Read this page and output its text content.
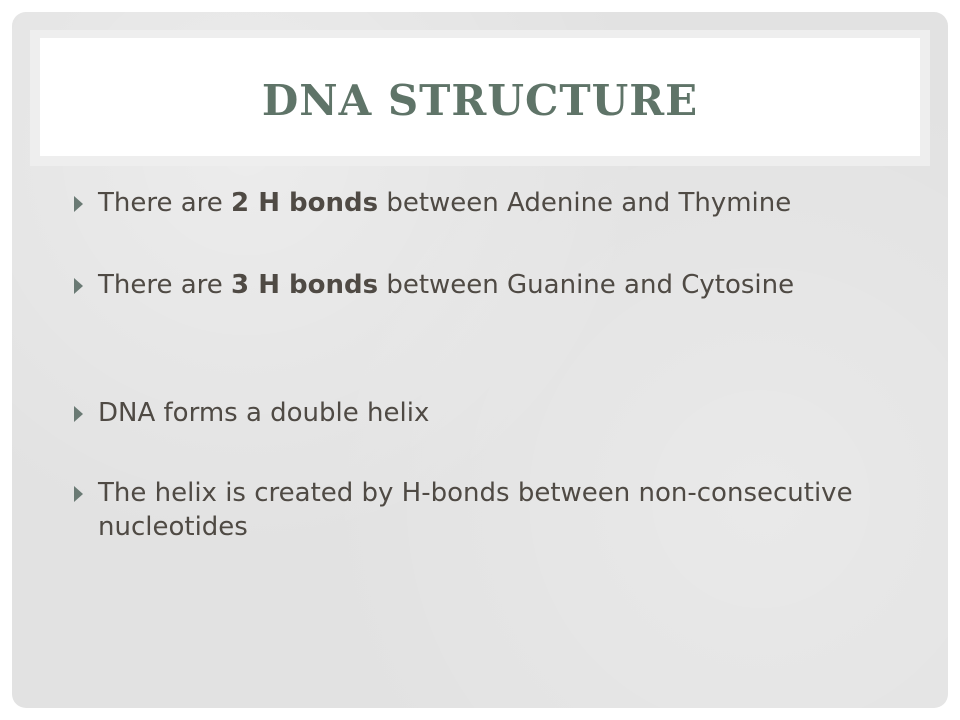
DNA STRUCTURE
There are 2 H bonds between Adenine and Thymine
There are 3 H bonds between Guanine and Cytosine
DNA forms a double helix
The helix is created by H-bonds between non-consecutive nucleotides
